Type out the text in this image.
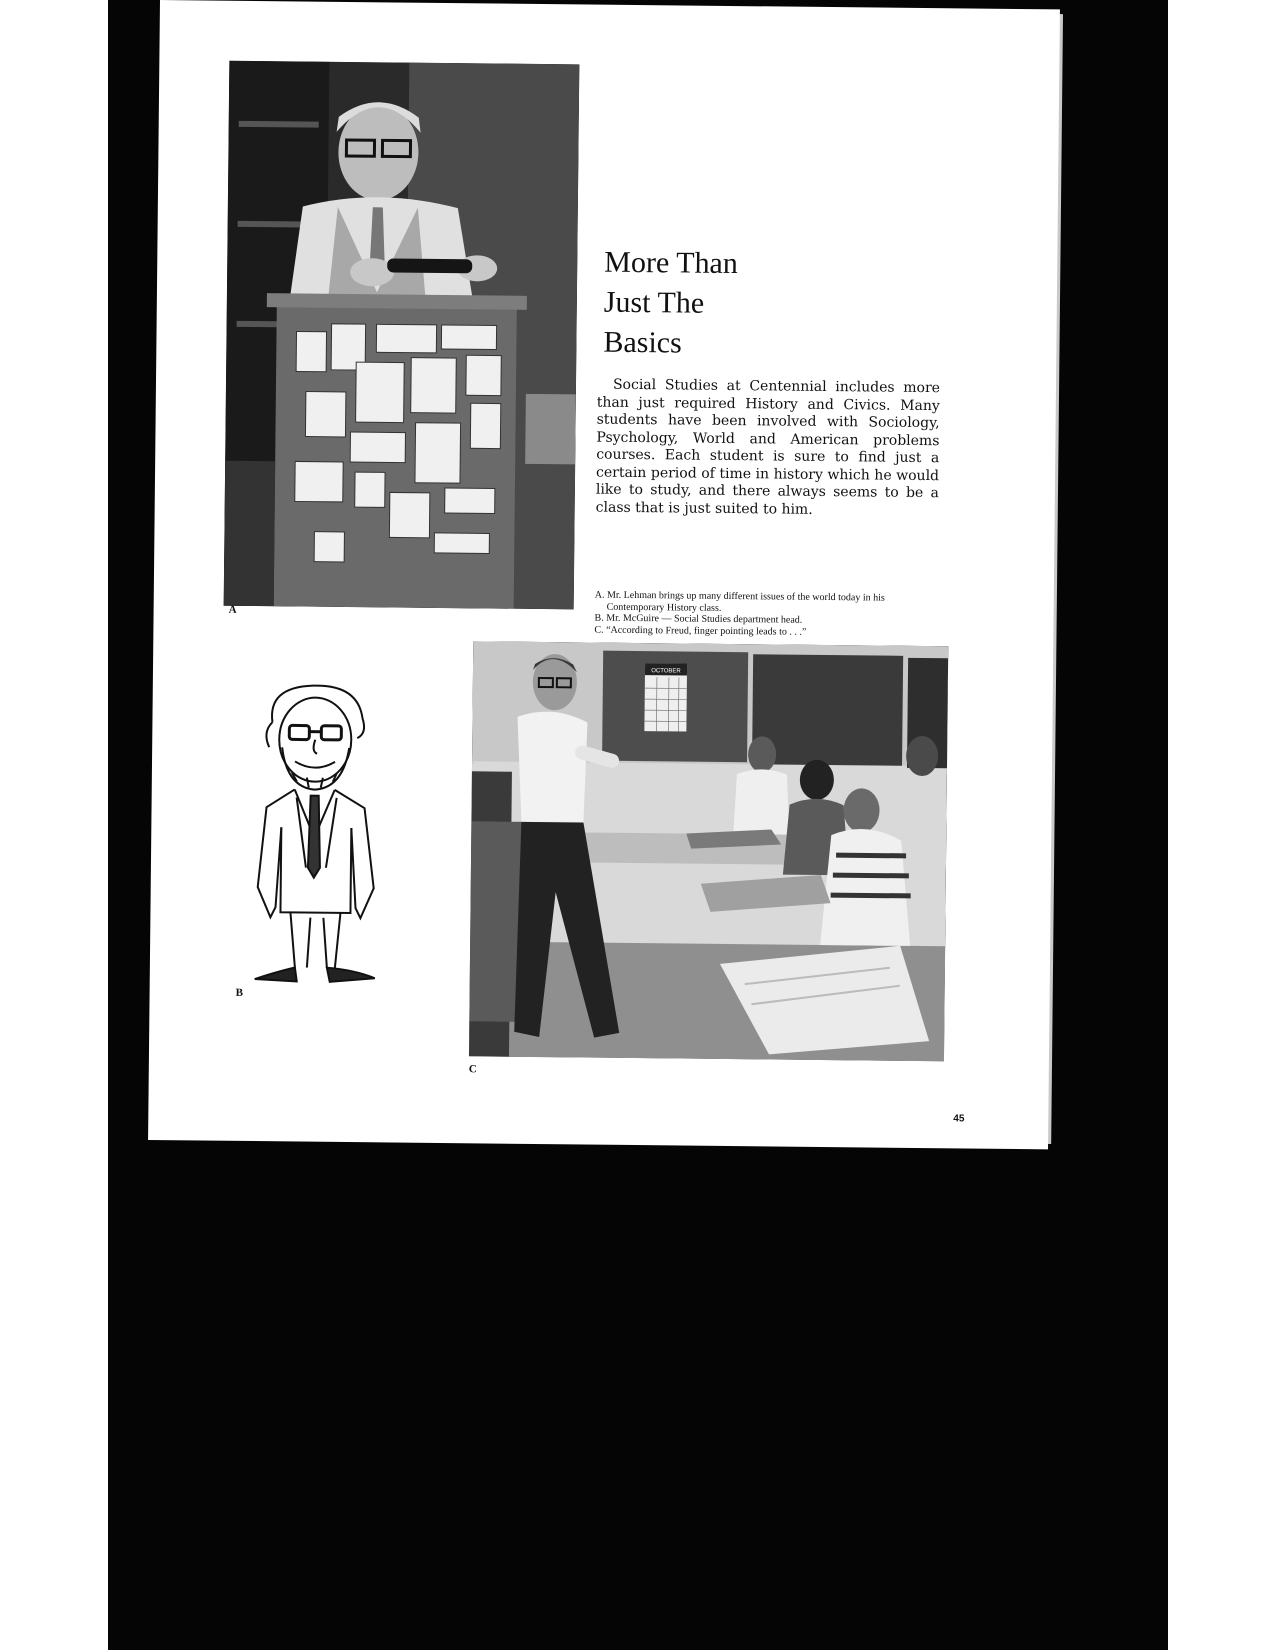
A
More Than
Just The
Basics

Social Studies at Centennial includes more than just required History and Civics. Many students have been involved with Sociology, Psychology, World and American problems courses. Each student is sure to find just a certain period of time in history which he would like to study, and there always seems to be a class that is just suited to him.

A. Mr. Lehman brings up many different issues of the world today in his Contemporary History class.

B. Mr. McGuire — Social Studies department head.

C. “According to Freud, finger pointing leads to . . .”

B
OCTOBER
C
45
